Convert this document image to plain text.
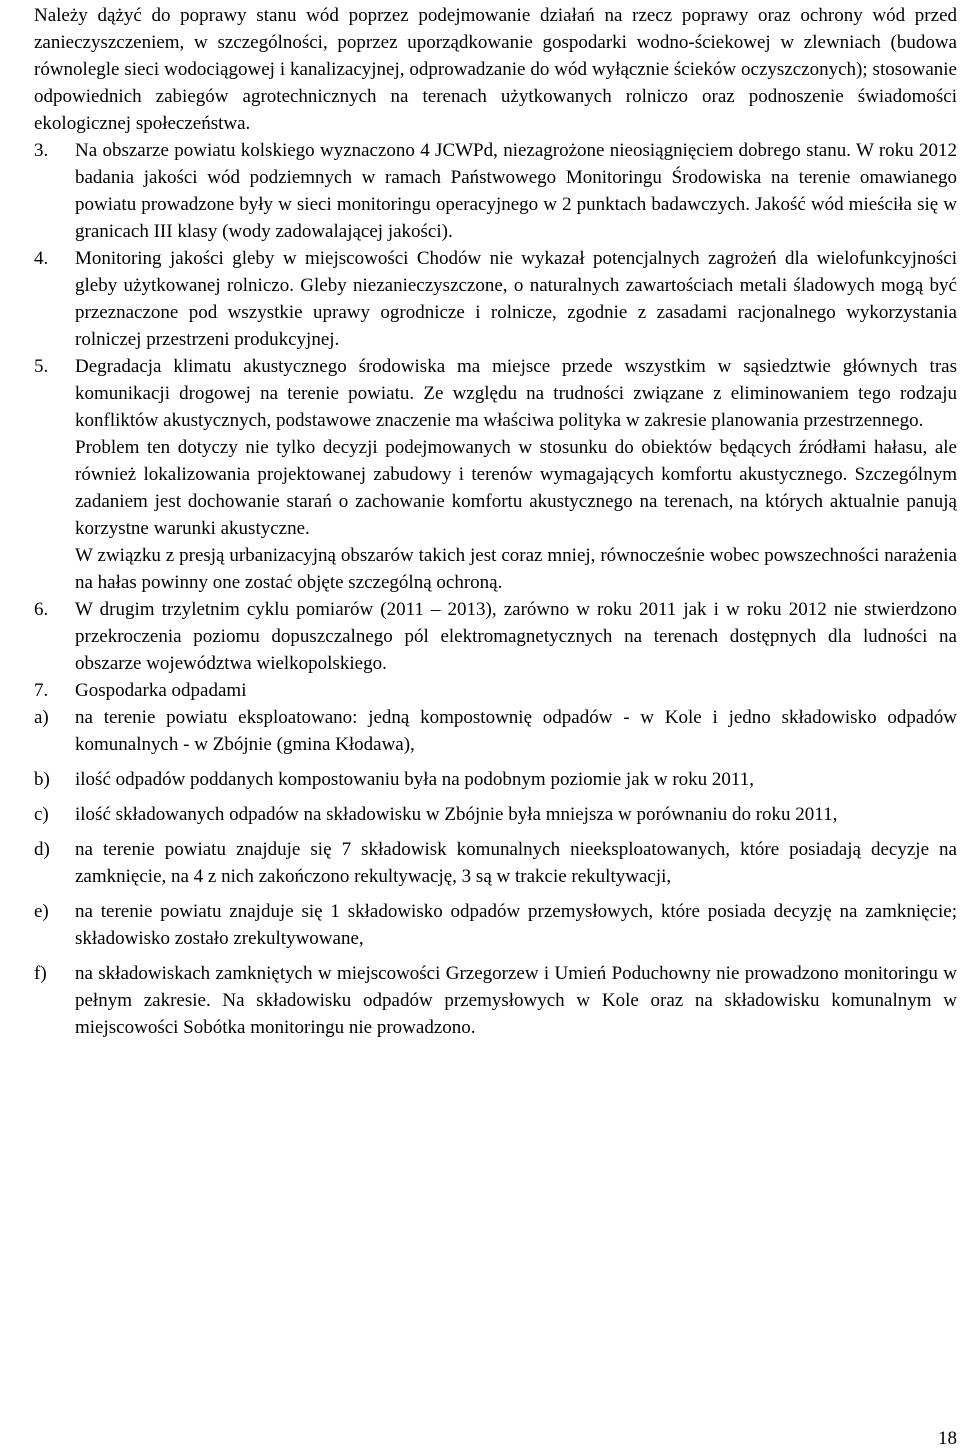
Należy dążyć do poprawy stanu wód poprzez podejmowanie działań na rzecz poprawy oraz ochrony wód przed zanieczyszczeniem, w szczególności, poprzez uporządkowanie gospodarki wodno-ściekowej w zlewniach (budowa równolegle sieci wodociągowej i kanalizacyjnej, odprowadzanie do wód wyłącznie ścieków oczyszczonych); stosowanie odpowiednich zabiegów agrotechnicznych na terenach użytkowanych rolniczo oraz podnoszenie świadomości ekologicznej społeczeństwa.

3. Na obszarze powiatu kolskiego wyznaczono 4 JCWPd, niezagrożone nieosiągnięciem dobrego stanu. W roku 2012 badania jakości wód podziemnych w ramach Państwowego Monitoringu Środowiska na terenie omawianego powiatu prowadzone były w sieci monitoringu operacyjnego w 2 punktach badawczych. Jakość wód mieściła się w granicach III klasy (wody zadowalającej jakości).

4. Monitoring jakości gleby w miejscowości Chodów nie wykazał potencjalnych zagrożeń dla wielofunkcyjności gleby użytkowanej rolniczo. Gleby niezanieczyszczone, o naturalnych zawartościach metali śladowych mogą być przeznaczone pod wszystkie uprawy ogrodnicze i rolnicze, zgodnie z zasadami racjonalnego wykorzystania rolniczej przestrzeni produkcyjnej.

5. Degradacja klimatu akustycznego środowiska ma miejsce przede wszystkim w sąsiedztwie głównych tras komunikacji drogowej na terenie powiatu. Ze względu na trudności związane z eliminowaniem tego rodzaju konfliktów akustycznych, podstawowe znaczenie ma właściwa polityka w zakresie planowania przestrzennego.

Problem ten dotyczy nie tylko decyzji podejmowanych w stosunku do obiektów będących źródłami hałasu, ale również lokalizowania projektowanej zabudowy i terenów wymagających komfortu akustycznego. Szczególnym zadaniem jest dochowanie starań o zachowanie komfortu akustycznego na terenach, na których aktualnie panują korzystne warunki akustyczne.

W związku z presją urbanizacyjną obszarów takich jest coraz mniej, równocześnie wobec powszechności narażenia na hałas powinny one zostać objęte szczególną ochroną.

6. W drugim trzyletnim cyklu pomiarów (2011 – 2013), zarówno w roku 2011 jak i w roku 2012 nie stwierdzono przekroczenia poziomu dopuszczalnego pól elektromagnetycznych na terenach dostępnych dla ludności na obszarze województwa wielkopolskiego.

7. Gospodarka odpadami

a) na terenie powiatu eksploatowano: jedną kompostownię odpadów - w Kole i jedno składowisko odpadów komunalnych - w Zbójnie (gmina Kłodawa),
b) ilość odpadów poddanych kompostowaniu była na podobnym poziomie jak w roku 2011,
c) ilość składowanych odpadów na składowisku w Zbójnie była mniejsza w porównaniu do roku 2011,
d) na terenie powiatu znajduje się 7 składowisk komunalnych nieeksploatowanych, które posiadają decyzje na zamknięcie, na 4 z nich zakończono rekultywację, 3 są w trakcie rekultywacji,
e) na terenie powiatu znajduje się 1 składowisko odpadów przemysłowych, które posiada decyzję na zamknięcie; składowisko zostało zrekultywowane,
f) na składowiskach zamkniętych w miejscowości Grzegorzew i Umień Poduchowny nie prowadzono monitoringu w pełnym zakresie. Na składowisku odpadów przemysłowych w Kole oraz na składowisku komunalnym w miejscowości Sobótka monitoringu nie prowadzono.
18
